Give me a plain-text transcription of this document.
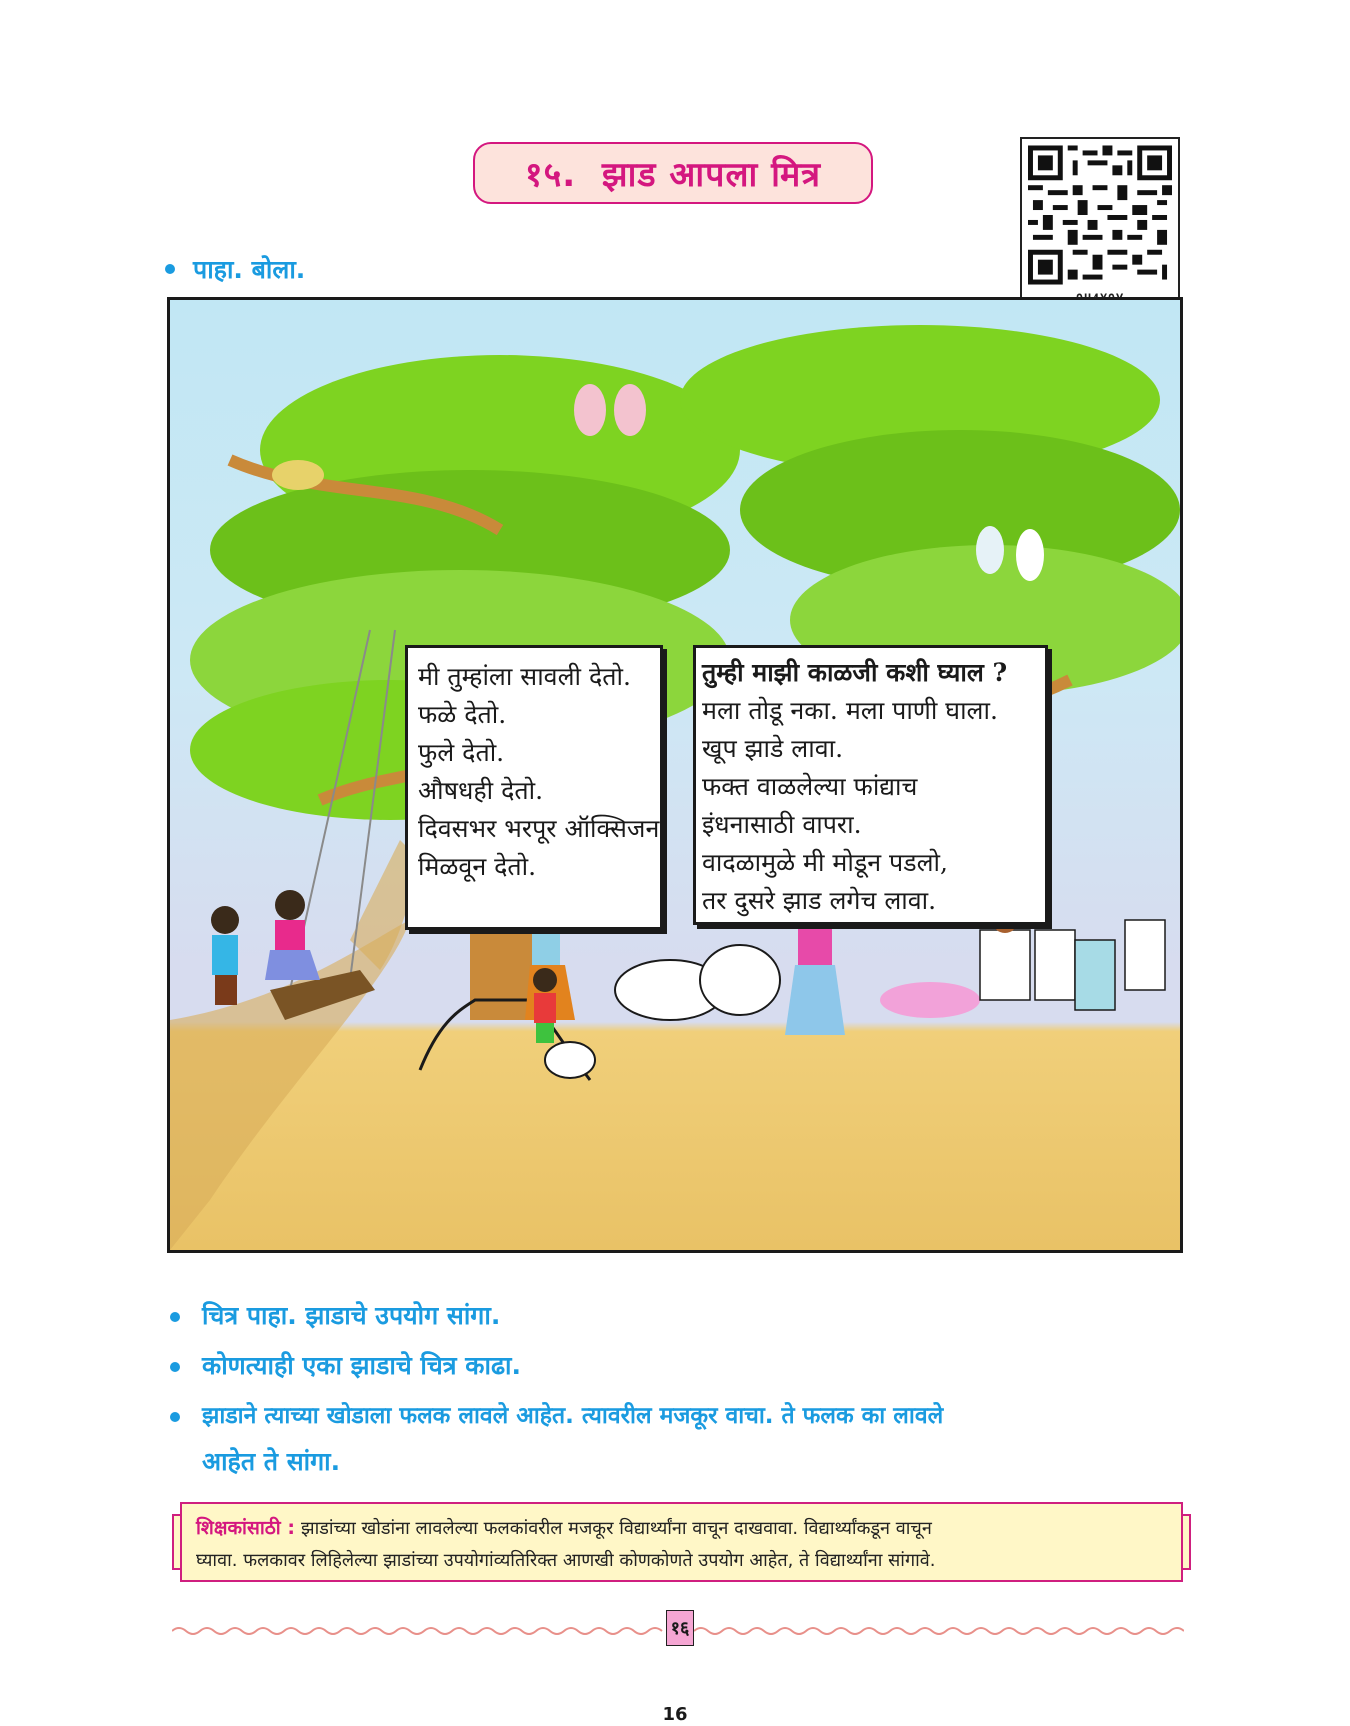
१५. झाड आपला मित्र
पाहा. बोला.
मी तुम्हांला सावली देतो.
फळे देतो.
फुले देतो.
औषधही देतो.
दिवसभर भरपूर ऑक्सिजन
मिळवून देतो.
तुम्ही माझी काळजी कशी घ्याल ?
मला तोडू नका. मला पाणी घाला.
खूप झाडे लावा.
फक्त वाळलेल्या फांद्याच
इंधनासाठी वापरा.
वादळामुळे मी मोडून पडलो,
तर दुसरे झाड लगेच लावा.
चित्र पाहा. झाडाचे उपयोग सांगा.
कोणत्याही एका झाडाचे चित्र काढा.
झाडाने त्याच्या खोडाला फलक लावले आहेत. त्यावरील मजकूर वाचा. ते फलक का लावले
आहेत ते सांगा.
शिक्षकांसाठी : झाडांच्या खोडांना लावलेल्या फलकांवरील मजकूर विद्यार्थ्यांना वाचून दाखवावा. विद्यार्थ्यांकडून वाचून
घ्यावा. फलकावर लिहिलेल्या झाडांच्या उपयोगांव्यतिरिक्त आणखी कोणकोणते उपयोग आहेत, ते विद्यार्थ्यांना सांगावे.
१६
16
